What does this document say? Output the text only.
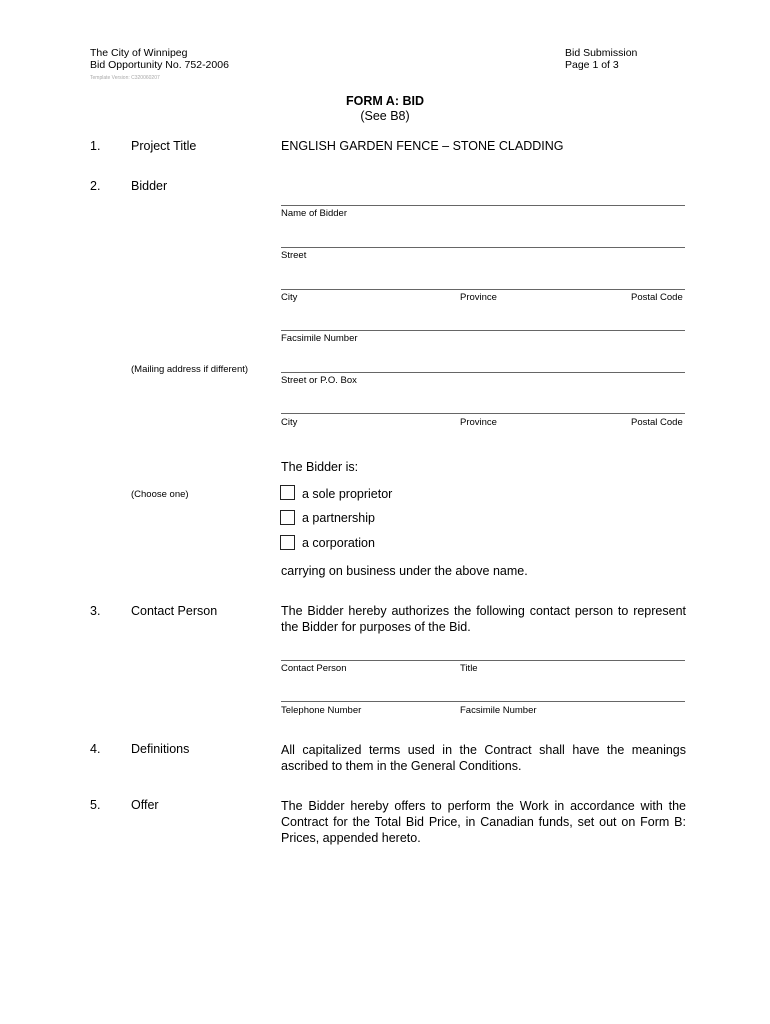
The City of Winnipeg
Bid Opportunity No. 752-2006
Template Version: C320060207
Bid Submission
Page 1 of 3
FORM A: BID
(See B8)
1. Project Title	ENGLISH GARDEN FENCE – STONE CLADDING
2. Bidder
Name of Bidder
Street
City	Province	Postal Code
Facsimile Number
(Mailing address if different)
Street or P.O. Box
City	Province	Postal Code
The Bidder is:
(Choose one)	a sole proprietor
a partnership
a corporation
carrying on business under the above name.
3. Contact Person	The Bidder hereby authorizes the following contact person to represent the Bidder for purposes of the Bid.
Contact Person	Title
Telephone Number	Facsimile Number
4. Definitions	All capitalized terms used in the Contract shall have the meanings ascribed to them in the General Conditions.
5. Offer	The Bidder hereby offers to perform the Work in accordance with the Contract for the Total Bid Price, in Canadian funds, set out on Form B: Prices, appended hereto.
